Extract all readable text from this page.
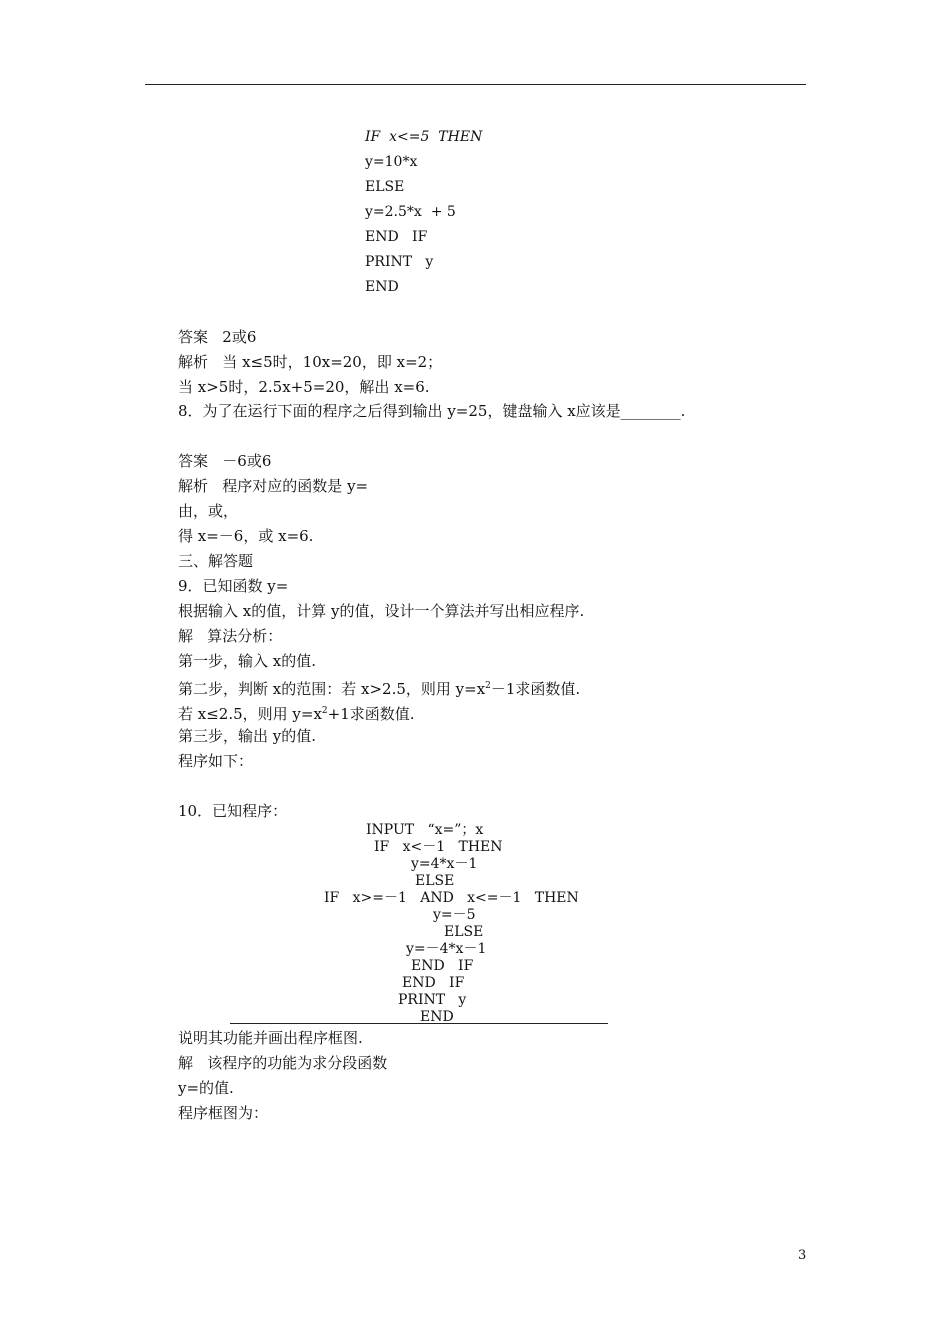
IF  x<=5  THEN
y=10*x
ELSE
y=2.5*x  + 5
END   IF
PRINT   y
END
答案   2或6
解析   当 x≤5时，10x=20，即 x=2；
当 x>5时，2.5x+5=20，解出 x=6.
8．为了在运行下面的程序之后得到输出 y=25，键盘输入 x应该是________.
答案   －6或6
解析   程序对应的函数是 y=
由，或，
得 x=－6，或 x=6.
三、解答题
9．已知函数 y=
根据输入 x的值，计算 y的值，设计一个算法并写出相应程序.
解   算法分析：
第一步，输入 x的值.
第二步，判断 x的范围：若 x>2.5，则用 $y=x^2-1$求函数值.
若 x≤2.5，则用 $y=x^2+1$求函数值.
第三步，输出 y的值.
程序如下：
10．已知程序：
INPUT   “x=”；x
IF   x<－1   THEN
y=4*x－1
ELSE
IF   x>=－1   AND   x<=－1   THEN
y=－5
ELSE
y=－4*x－1
END   IF
END   IF
PRINT   y
END
说明其功能并画出程序框图.
解   该程序的功能为求分段函数
y=的值.
程序框图为：
3
